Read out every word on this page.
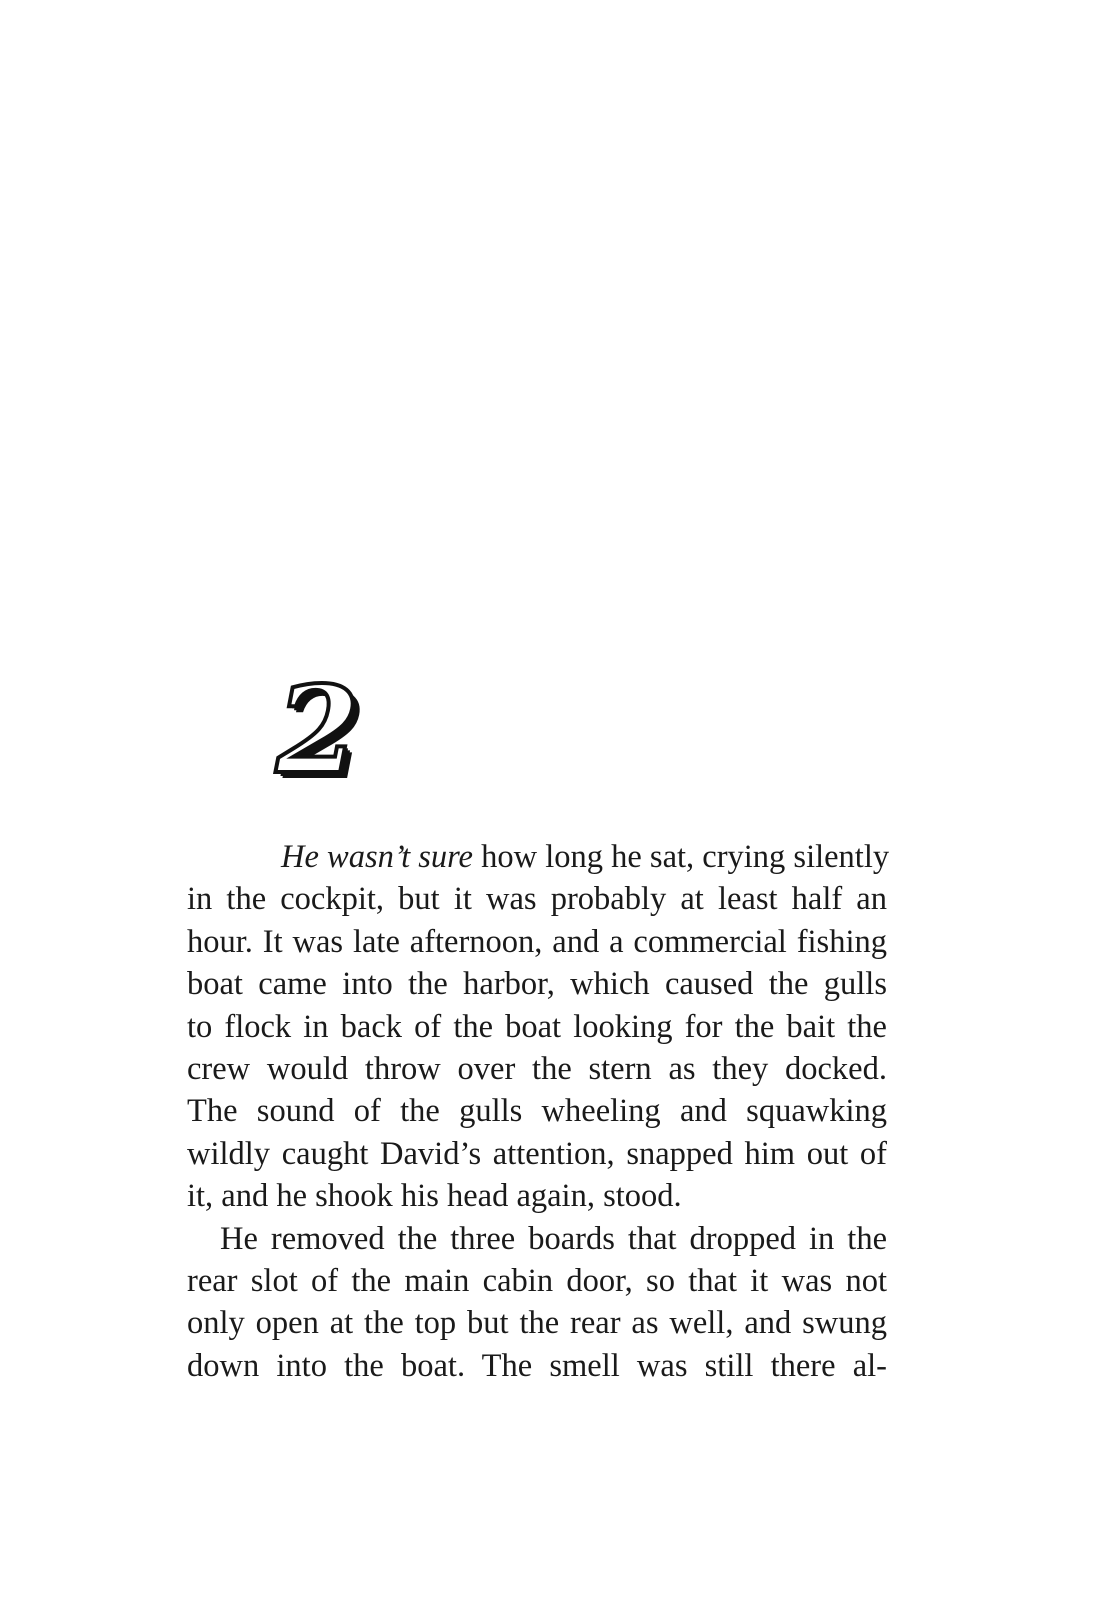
2
He wasn’t sure how long he sat, crying silently
in the cockpit, but it was probably at least half an
hour. It was late afternoon, and a commercial fishing
boat came into the harbor, which caused the gulls
to flock in back of the boat looking for the bait the
crew would throw over the stern as they docked.
The sound of the gulls wheeling and squawking
wildly caught David’s attention, snapped him out of
it, and he shook his head again, stood.
He removed the three boards that dropped in the
rear slot of the main cabin door, so that it was not
only open at the top but the rear as well, and swung
down into the boat. The smell was still there al-
